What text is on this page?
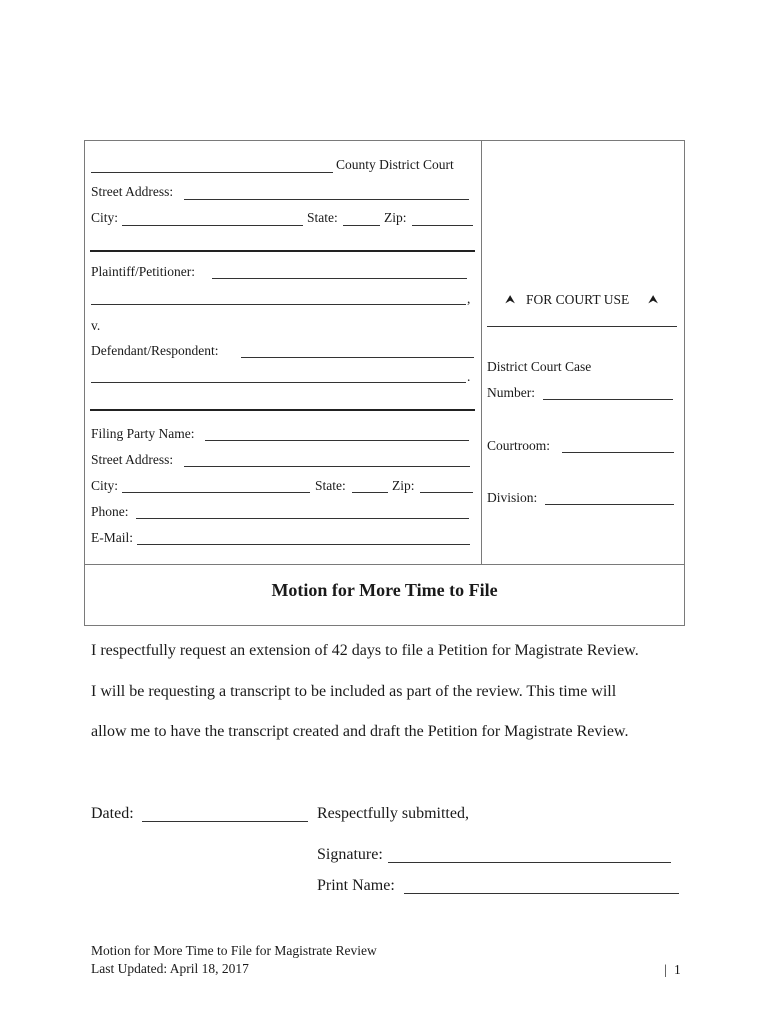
County District Court
Street Address:
City:	State:	Zip:
Plaintiff/Petitioner:
,
v.
Defendant/Respondent:
.
Filing Party Name:
Street Address:
City:	State:	Zip:
Phone:
E-Mail:
⮝ FOR COURT USE ⮝
District Court Case
Number:
Courtroom:
Division:
Motion for More Time to File
I respectfully request an extension of 42 days to file a Petition for Magistrate Review.
I will be requesting a transcript to be included as part of the review. This time will
allow me to have the transcript created and draft the Petition for Magistrate Review.
Dated:	Respectfully submitted,
Signature:
Print Name:
Motion for More Time to File for Magistrate Review
Last Updated: April 18, 2017	| 1
